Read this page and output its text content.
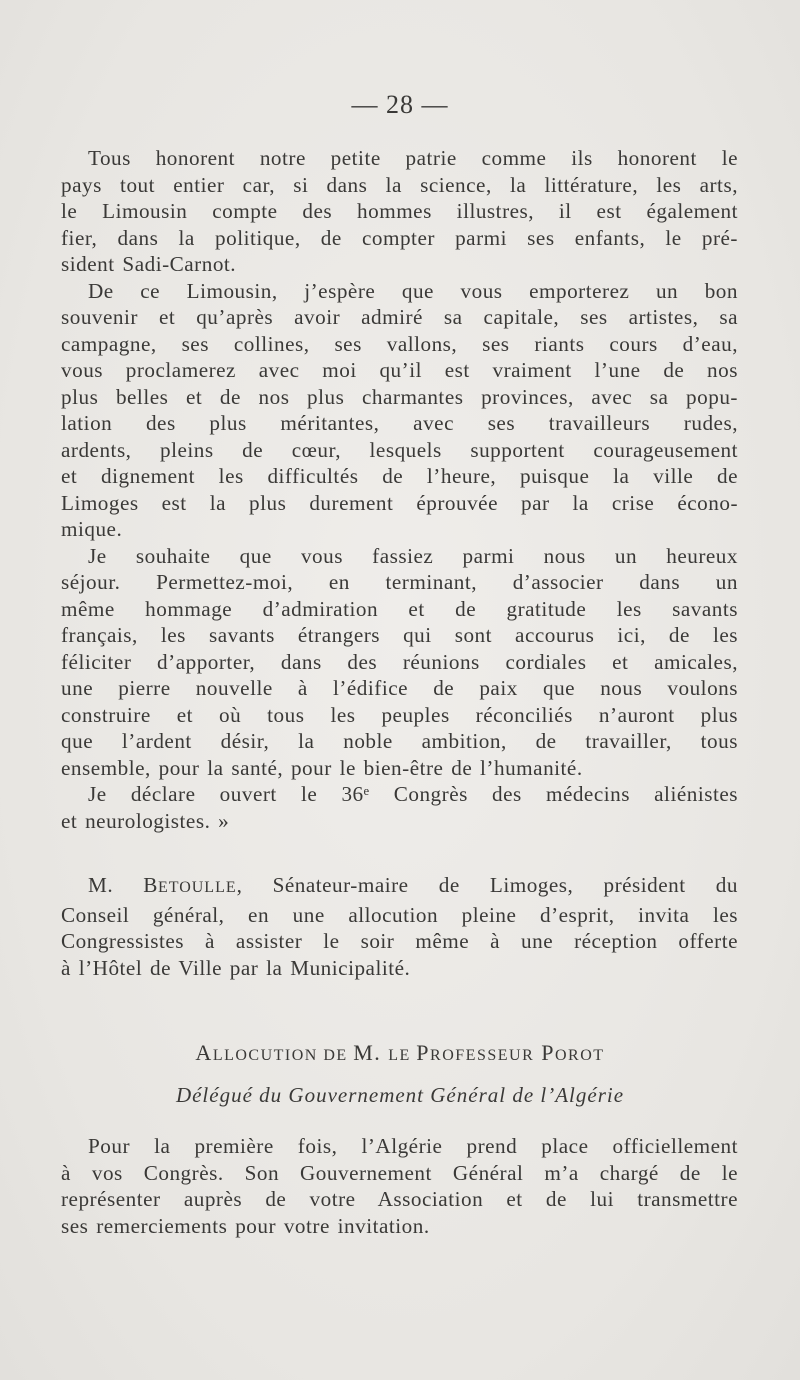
— 28 —
Tous honorent notre petite patrie comme ils honorent le
pays tout entier car, si dans la science, la littérature, les arts,
le Limousin compte des hommes illustres, il est également
fier, dans la politique, de compter parmi ses enfants, le pré-
sident Sadi-Carnot.
De ce Limousin, j’espère que vous emporterez un bon
souvenir et qu’après avoir admiré sa capitale, ses artistes, sa
campagne, ses collines, ses vallons, ses riants cours d’eau,
vous proclamerez avec moi qu’il est vraiment l’une de nos
plus belles et de nos plus charmantes provinces, avec sa popu-
lation des plus méritantes, avec ses travailleurs rudes,
ardents, pleins de cœur, lesquels supportent courageusement
et dignement les difficultés de l’heure, puisque la ville de
Limoges est la plus durement éprouvée par la crise écono-
mique.
Je souhaite que vous fassiez parmi nous un heureux
séjour. Permettez-moi, en terminant, d’associer dans un
même hommage d’admiration et de gratitude les savants
français, les savants étrangers qui sont accourus ici, de les
féliciter d’apporter, dans des réunions cordiales et amicales,
une pierre nouvelle à l’édifice de paix que nous voulons
construire et où tous les peuples réconciliés n’auront plus
que l’ardent désir, la noble ambition, de travailler, tous
ensemble, pour la santé, pour le bien-être de l’humanité.
Je déclare ouvert le 36ᵉ Congrès des médecins aliénistes
et neurologistes. »
M. BETOULLE, Sénateur-maire de Limoges, président du
Conseil général, en une allocution pleine d’esprit, invita les
Congressistes à assister le soir même à une réception offerte
à l’Hôtel de Ville par la Municipalité.
ALLOCUTION DE M. LE PROFESSEUR POROT
Délégué du Gouvernement Général de l’Algérie
Pour la première fois, l’Algérie prend place officiellement
à vos Congrès. Son Gouvernement Général m’a chargé de le
représenter auprès de votre Association et de lui transmettre
ses remerciements pour votre invitation.
